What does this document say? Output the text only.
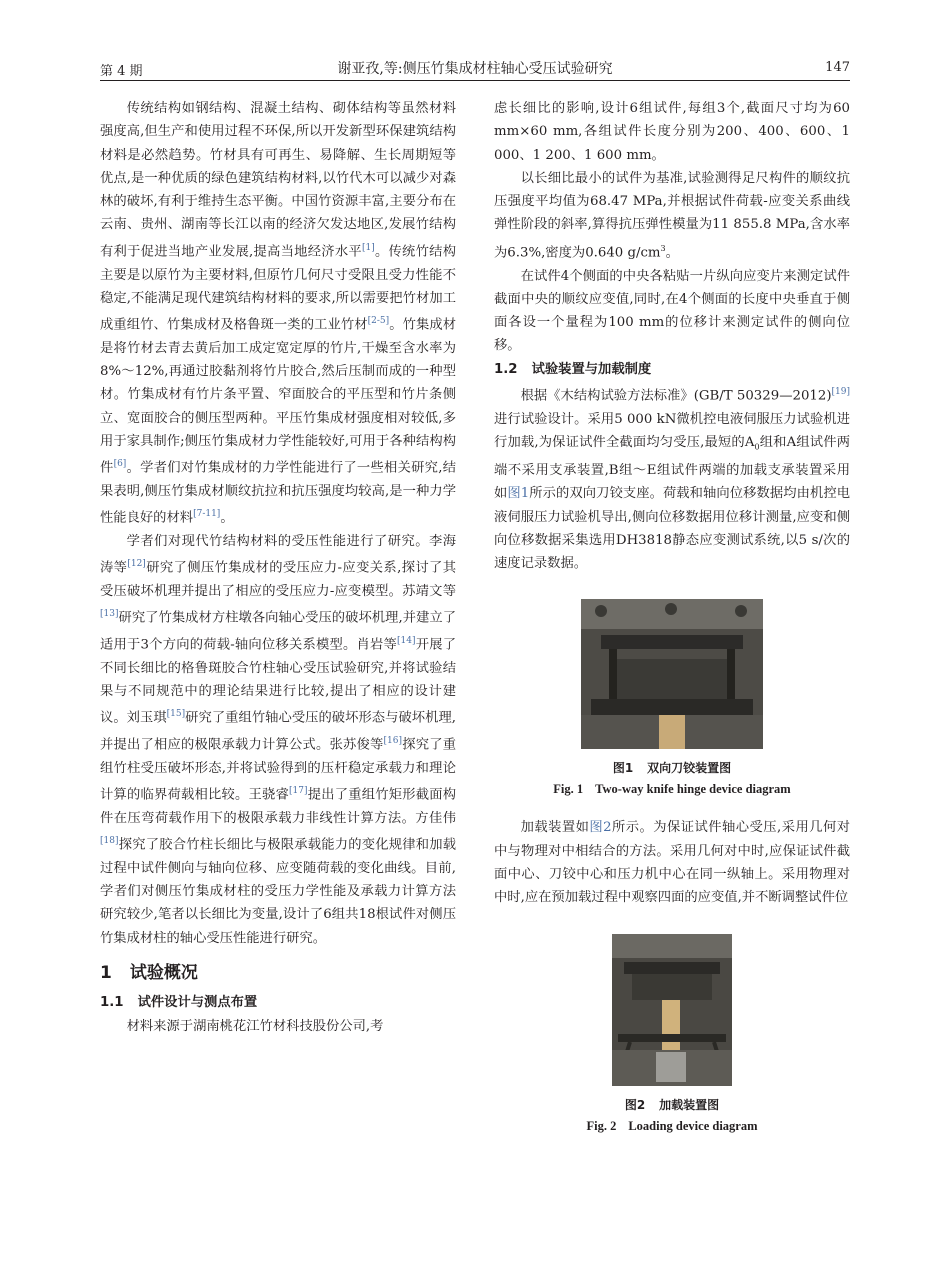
第 4 期	谢亚孜,等:侧压竹集成材柱轴心受压试验研究	147

传统结构如钢结构、混凝土结构、砌体结构等虽然材料强度高,但生产和使用过程不环保,所以开发新型环保建筑结构材料是必然趋势。竹材具有可再生、易降解、生长周期短等优点,是一种优质的绿色建筑结构材料,以竹代木可以减少对森林的破坏,有利于维持生态平衡。中国竹资源丰富,主要分布在云南、贵州、湖南等长江以南的经济欠发达地区,发展竹结构有利于促进当地产业发展,提高当地经济水平[1]。传统竹结构主要是以原竹为主要材料,但原竹几何尺寸受限且受力性能不稳定,不能满足现代建筑结构材料的要求,所以需要把竹材加工成重组竹、竹集成材及格鲁斑一类的工业竹材[2-5]。竹集成材是将竹材去青去黄后加工成定宽定厚的竹片,干燥至含水率为8%～12%,再通过胶黏剂将竹片胶合,然后压制而成的一种型材。竹集成材有竹片条平置、窄面胶合的平压型和竹片条侧立、宽面胶合的侧压型两种。平压竹集成材强度相对较低,多用于家具制作;侧压竹集成材力学性能较好,可用于各种结构构件[6]。学者们对竹集成材的力学性能进行了一些相关研究,结果表明,侧压竹集成材顺纹抗拉和抗压强度均较高,是一种力学性能良好的材料[7-11]。

学者们对现代竹结构材料的受压性能进行了研究。李海涛等[12]研究了侧压竹集成材的受压应力-应变关系,探讨了其受压破坏机理并提出了相应的受压应力-应变模型。苏靖文等[13]研究了竹集成材方柱墩各向轴心受压的破坏机理,并建立了适用于3个方向的荷载-轴向位移关系模型。肖岩等[14]开展了不同长细比的格鲁斑胶合竹柱轴心受压试验研究,并将试验结果与不同规范中的理论结果进行比较,提出了相应的设计建议。刘玉琪[15]研究了重组竹轴心受压的破坏形态与破坏机理,并提出了相应的极限承载力计算公式。张苏俊等[16]探究了重组竹柱受压破坏形态,并将试验得到的压杆稳定承载力和理论计算的临界荷载相比较。王骁睿[17]提出了重组竹矩形截面构件在压弯荷载作用下的极限承载力非线性计算方法。方佳伟[18]探究了胶合竹柱长细比与极限承载能力的变化规律和加载过程中试件侧向与轴向位移、应变随荷载的变化曲线。目前,学者们对侧压竹集成材柱的受压力学性能及承载力计算方法研究较少,笔者以长细比为变量,设计了6组共18根试件对侧压竹集成材柱的轴心受压性能进行研究。

1 试验概况
1.1 试件设计与测点布置

材料来源于湖南桃花江竹材科技股份公司,考

虑长细比的影响,设计6组试件,每组3个,截面尺寸均为60 mm×60 mm,各组试件长度分别为200、400、600、1 000、1 200、1 600 mm。

以长细比最小的试件为基准,试验测得足尺构件的顺纹抗压强度平均值为68.47 MPa,并根据试件荷载-应变关系曲线弹性阶段的斜率,算得抗压弹性模量为11 855.8 MPa,含水率为6.3%,密度为0.640 $g/cm^3$。

在试件4个侧面的中央各粘贴一片纵向应变片来测定试件截面中央的顺纹应变值,同时,在4个侧面的长度中央垂直于侧面各设一个量程为100 mm的位移计来测定试件的侧向位移。

1.2 试验装置与加载制度

根据《木结构试验方法标准》(GB/T 50329—2012)[19]进行试验设计。采用5 000 kN微机控电液伺服压力试验机进行加载,为保证试件全截面均匀受压,最短的$A_0$组和A组试件两端不采用支承装置,B组～E组试件两端的加载支承装置采用如图1所示的双向刀铰支座。荷载和轴向位移数据均由机控电液伺服压力试验机导出,侧向位移数据用位移计测量,应变和侧向位移数据采集选用DH3818静态应变测试系统,以5 s/次的速度记录数据。

图1 双向刀铰装置图
Fig. 1 Two-way knife hinge device diagram

加载装置如图2所示。为保证试件轴心受压,采用几何对中与物理对中相结合的方法。采用几何对中时,应保证试件截面中心、刀铰中心和压力机中心在同一纵轴上。采用物理对中时,应在预加载过程中观察四面的应变值,并不断调整试件位

图2 加载装置图
Fig. 2 Loading device diagram
